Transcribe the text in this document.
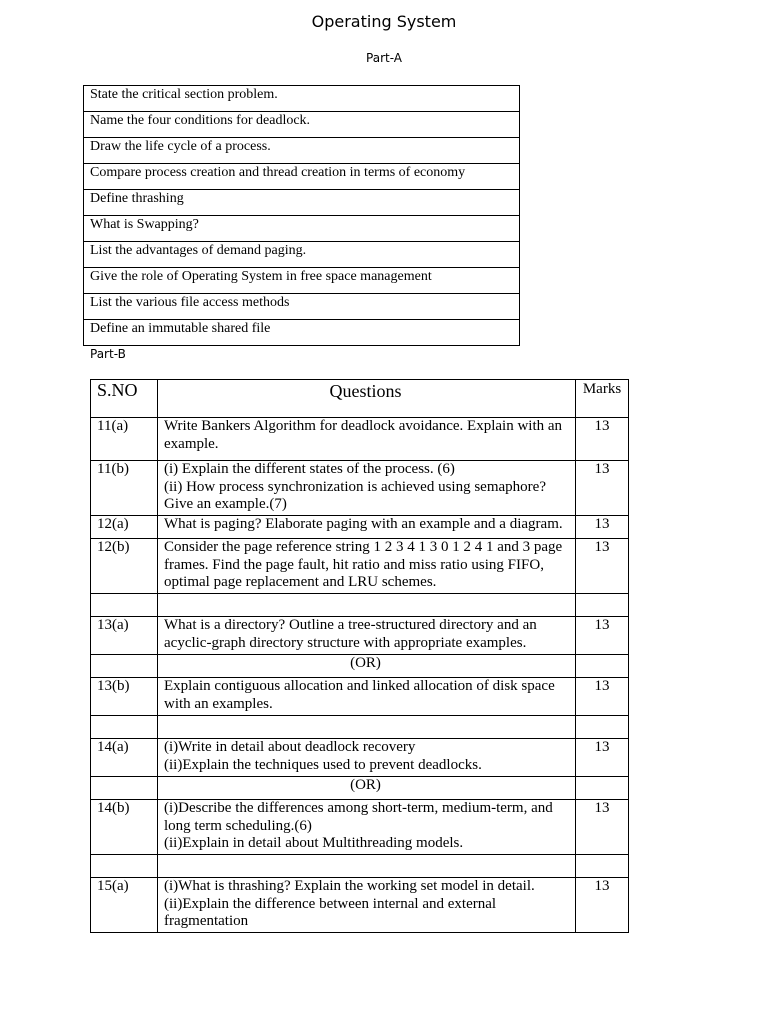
Operating System
Part-A
State the critical section problem.
Name the four conditions for deadlock.
Draw the life cycle of a process.
Compare process creation and thread creation in terms of economy
Define thrashing
What is Swapping?
List the advantages of demand paging.
Give the role of Operating System in free space management
List the various file access methods
Define an immutable shared file
Part-B
S.NO	Questions	Marks
11(a)	Write Bankers Algorithm for deadlock avoidance. Explain with an
example.	13
11(b)	(i) Explain the different states of the process. (6)
(ii) How process synchronization is achieved using semaphore?
Give an example.(7)	13
12(a)	What is paging? Elaborate paging with an example and a diagram.	13
12(b)	Consider the page reference string 1 2 3 4 1 3 0 1 2 4 1 and 3 page
frames. Find the page fault, hit ratio and miss ratio using FIFO,
optimal page replacement and LRU schemes.	13

13(a)	What is a directory? Outline a tree-structured directory and an
acyclic-graph directory structure with appropriate examples.	13
	(OR)	
13(b)	Explain contiguous allocation and linked allocation of disk space
with an examples.	13

14(a)	(i)Write in detail about deadlock recovery
(ii)Explain the techniques used to prevent deadlocks.	13
	(OR)	
14(b)	(i)Describe the differences among short-term, medium-term, and
long term scheduling.(6)
(ii)Explain in detail about Multithreading models.	13

15(a)	(i)What is thrashing? Explain the working set model in detail.
(ii)Explain the difference between internal and external
fragmentation	13
